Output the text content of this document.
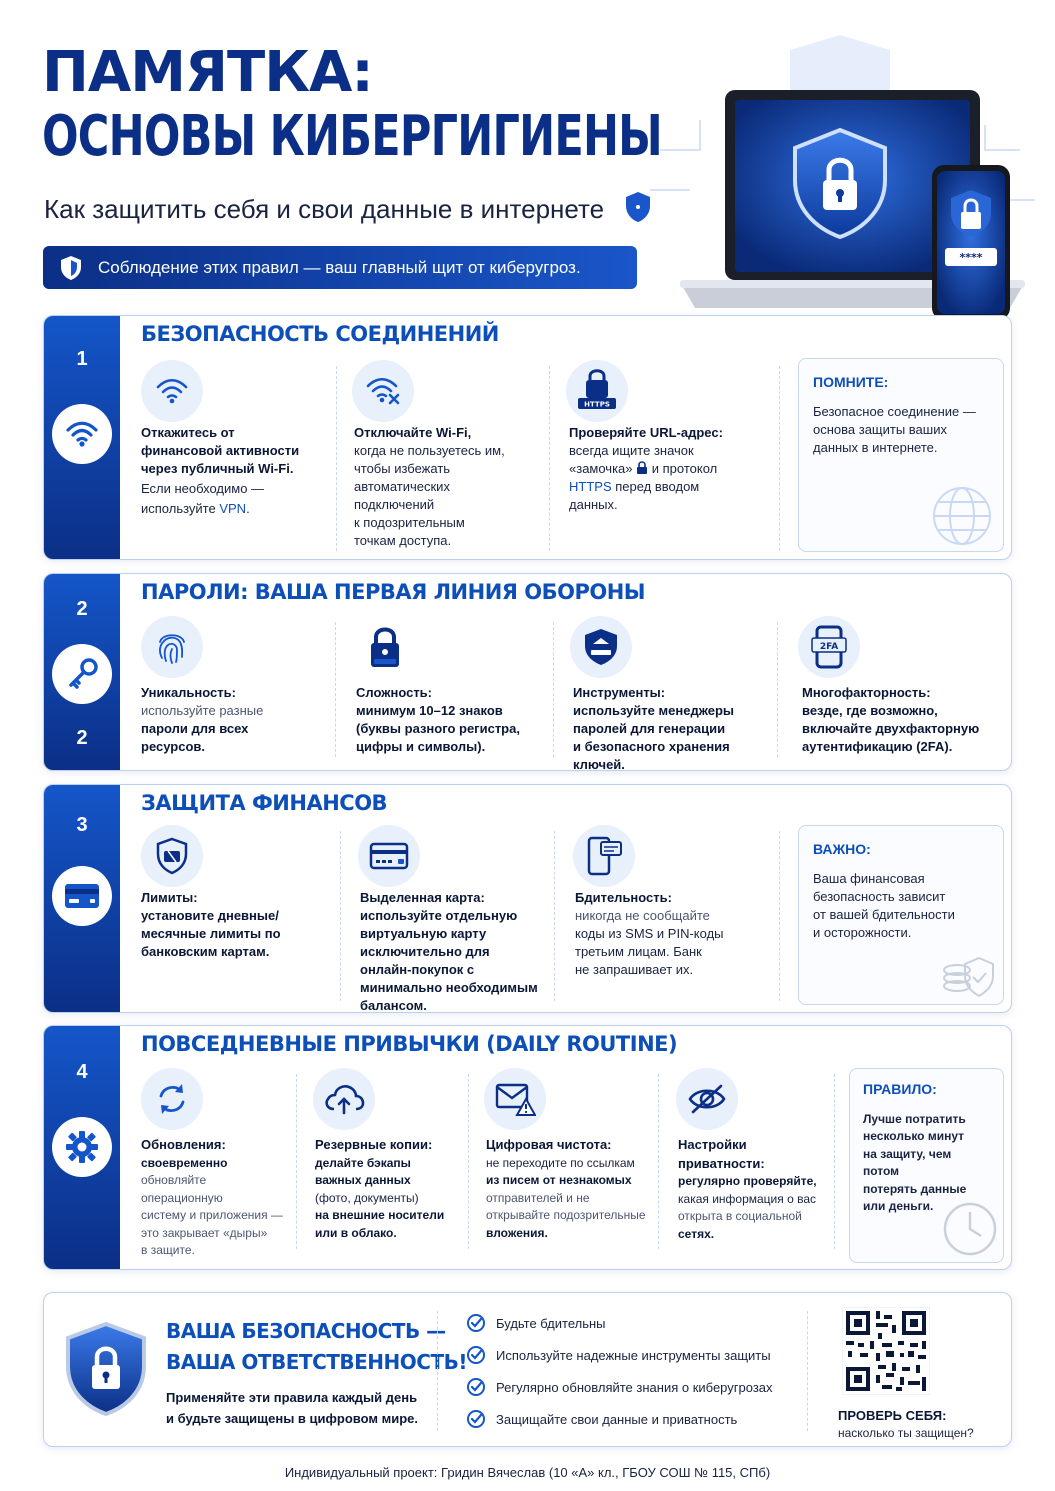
ПАМЯТКА:
ОСНОВЫ КИБЕРГИГИЕНЫ
Как защитить себя и свои данные в интернете
Соблюдение этих правил — ваш главный щит от киберугроз.	****
1
БЕЗОПАСНОСТЬ СОЕДИНЕНИЙ
Откажитесь от
финансовой активности
через публичный Wi-Fi.
Если необходимо —
используйте VPN.
Отключайте Wi-Fi,
когда не пользуетесь им,
чтобы избежать
автоматических
подключений
к подозрительным
точкам доступа.
HTTPS
Проверяйте URL-адрес:
всегда ищите значок
«замочка» и протокол
HTTPS перед вводом
данных.
ПОМНИТЕ:
Безопасное соединение —
основа защиты ваших
данных в интернете.
2
2
ПАРОЛИ: ВАША ПЕРВАЯ ЛИНИЯ ОБОРОНЫ
Уникальность:
используйте разные
пароли для всех
ресурсов.
Сложность:
минимум 10–12 знаков
(буквы разного регистра,
цифры и символы).
Инструменты:
используйте менеджеры
паролей для генерации
и безопасного хранения
ключей.
2FA
Многофакторность:
везде, где возможно,
включайте двухфакторную
аутентификацию (2FA).
3
ЗАЩИТА ФИНАНСОВ
Лимиты:
установите дневные/
месячные лимиты по
банковским картам.
Выделенная карта:
используйте отдельную
виртуальную карту
исключительно для
онлайн-покупок с
минимально необходимым
балансом.
Бдительность:
никогда не сообщайте
коды из SMS и PIN-коды
третьим лицам. Банк
не запрашивает их.
ВАЖНО:
Ваша финансовая
безопасность зависит
от вашей бдительности
и осторожности.
4
ПОВСЕДНЕВНЫЕ ПРИВЫЧКИ (DAILY ROUTINE)
Обновления:
своевременно
обновляйте
операционную
систему и приложения —
это закрывает «дыры»
в защите.
Резервные копии:
делайте бэкапы
важных данных
(фото, документы)
на внешние носители
или в облако.
Цифровая чистота:
не переходите по ссылкам
из писем от незнакомых
отправителей и не
открывайте подозрительные
вложения.
Настройки
приватности:
регулярно проверяйте,
какая информация о вас
открыта в социальной
сетях.
ПРАВИЛО:
Лучше потратить
несколько минут
на защиту, чем потом
потерять данные
или деньги.
ВАША БЕЗОПАСНОСТЬ —
ВАША ОТВЕТСТВЕННОСТЬ!
Применяйте эти правила каждый день
и будьте защищены в цифровом мире.
Будьте бдительны
Используйте надежные инструменты защиты
Регулярно обновляйте знания о киберугрозах
Защищайте свои данные и приватность	ПРОВЕРЬ СЕБЯ:
насколько ты защищен?
Индивидуальный проект: Гридин Вячеслав (10 «А» кл., ГБОУ СОШ № 115, СПб)
